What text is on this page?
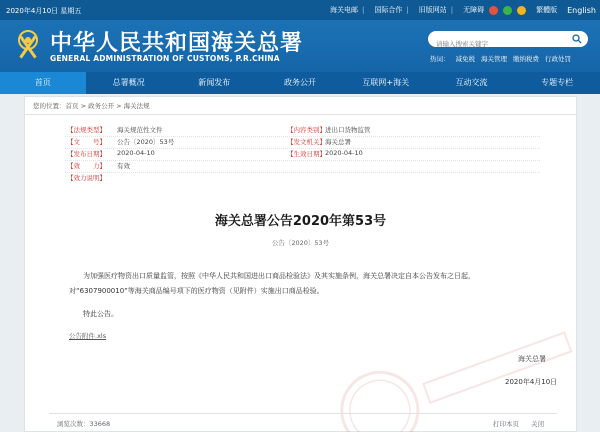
2020年4月10日 星期五	海关电邮 | 国际合作 | 旧版网站 | 无障碍	繁體版 English
中华人民共和国海关总署
GENERAL ADMINISTRATION OF CUSTOMS, P.R.CHINA
请输入搜索关键字	热词： 减免税 海关管理 缴纳税费 行政处罚
首页	总署概况	新闻发布	政务公开	互联网+海关	互动交流	专题专栏
您的位置：首页 > 政务公开 > 海关法规
【法规类型】 海关规范性文件	【内容类别】 进出口货物监管
【文　　号】 公告〔2020〕53号	【发文机关】 海关总署
【发布日期】 2020-04-10	【生效日期】 2020-04-10
【效　　力】 有效
【效力说明】
海关总署公告2020年第53号
公告〔2020〕53号

为加强医疗物资出口质量监管，按照《中华人民共和国进出口商品检验法》及其实施条例，海关总署决定自本公告发布之日起，对“6307900010”等海关商品编号项下的医疗物资（见附件）实施出口商品检验。

特此公告。

公告附件.xls
海关总署
2020年4月10日
浏览次数：33668	打印本页 关闭
